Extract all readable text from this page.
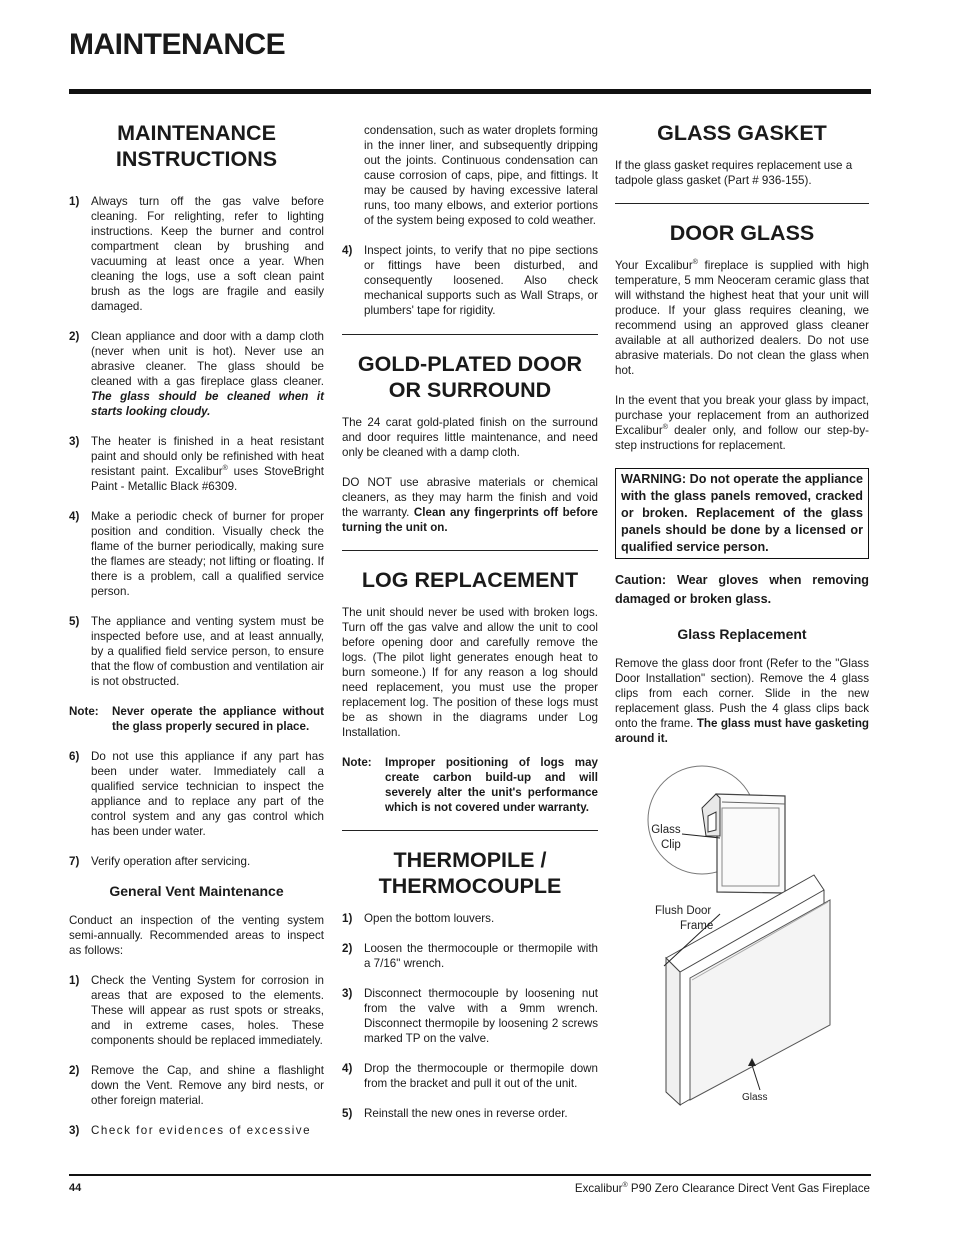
MAINTENANCE
MAINTENANCE
INSTRUCTIONS
1)	Always turn off the gas valve before cleaning. For relighting, refer to lighting instructions. Keep the burner and control compartment clean by brushing and vacuuming at least once a year. When cleaning the logs, use a soft clean paint brush as the logs are fragile and easily damaged.
2)	Clean appliance and door with a damp cloth (never when unit is hot). Never use an abrasive cleaner. The glass should be cleaned with a gas fireplace glass cleaner. The glass should be cleaned when it starts looking cloudy.
3)	The heater is finished in a heat resistant paint and should only be refinished with heat resistant paint. Excalibur® uses StoveBright Paint - Metallic Black #6309.
4)	Make a periodic check of burner for proper position and condition. Visually check the flame of the burner periodically, making sure the flames are steady; not lifting or floating. If there is a problem, call a qualified service person.
5)	The appliance and venting system must be inspected before use, and at least annually, by a qualified field service person, to ensure that the flow of combustion and ventilation air is not obstructed.
Note:	Never operate the appliance without the glass properly secured in place.
6)	Do not use this appliance if any part has been under water. Immediately call a qualified service technician to inspect the appliance and to replace any part of the control system and any gas control which has been under water.
7)	Verify operation after servicing.
General Vent Maintenance

Conduct an inspection of the venting system semi-annually. Recommended areas to inspect as follows:

1)	Check the Venting System for corrosion in areas that are exposed to the elements. These will appear as rust spots or streaks, and in extreme cases, holes. These components should be replaced immediately.
2)	Remove the Cap, and shine a flashlight down the Vent. Remove any bird nests, or other foreign material.
3)	Check for evidences of excessive

condensation, such as water droplets forming in the inner liner, and subsequently dripping out the joints. Continuous condensation can cause corrosion of caps, pipe, and fittings. It may be caused by having excessive lateral runs, too many elbows, and exterior portions of the system being exposed to cold weather.

4)	Inspect joints, to verify that no pipe sections or fittings have been disturbed, and consequently loosened. Also check mechanical supports such as Wall Straps, or plumbers' tape for rigidity.
GOLD-PLATED DOOR
OR SURROUND

The 24 carat gold-plated finish on the surround and door requires little maintenance, and need only be cleaned with a damp cloth.

DO NOT use abrasive materials or chemical cleaners, as they may harm the finish and void the warranty. Clean any fingerprints off before turning the unit on.

LOG REPLACEMENT

The unit should never be used with broken logs. Turn off the gas valve and allow the unit to cool before opening door and carefully remove the logs. (The pilot light generates enough heat to burn someone.) If for any reason a log should need replacement, you must use the proper replacement log. The position of these logs must be as shown in the diagrams under Log Installation.

Note:	Improper positioning of logs may create carbon build-up and will severely alter the unit's performance which is not covered under warranty.
THERMOPILE /
THERMOCOUPLE
1)	Open the bottom louvers.
2)	Loosen the thermocouple or thermopile with a 7/16" wrench.
3)	Disconnect thermocouple by loosening nut from the valve with a 9mm wrench. Disconnect thermopile by loosening 2 screws marked TP on the valve.
4)	Drop the thermocouple or thermopile down from the bracket and pull it out of the unit.
5)	Reinstall the new ones in reverse order.
GLASS GASKET

If the glass gasket requires replacement use a tadpole glass gasket (Part # 936-155).

DOOR GLASS

Your Excalibur® fireplace is supplied with high temperature, 5 mm Neoceram ceramic glass that will withstand the highest heat that your unit will produce. If your glass requires cleaning, we recommend using an approved glass cleaner available at all authorized dealers. Do not use abrasive materials. Do not clean the glass when hot.

In the event that you break your glass by impact, purchase your replacement from an authorized Excalibur® dealer only, and follow our step-by-step instructions for replacement.

WARNING: Do not operate the appliance with the glass panels removed, cracked or broken. Replacement of the glass panels should be done by a licensed or qualified service person.
Caution: Wear gloves when removing damaged or broken glass.
Glass Replacement

Remove the glass door front (Refer to the "Glass Door Installation" section). Remove the 4 glass clips from each corner. Slide in the new replacement glass. Push the 4 glass clips back onto the frame. The glass must have gasketing around it.

Glass
Clip
Flush Door
Frame
Glass
44	Excalibur® P90 Zero Clearance Direct Vent Gas Fireplace
